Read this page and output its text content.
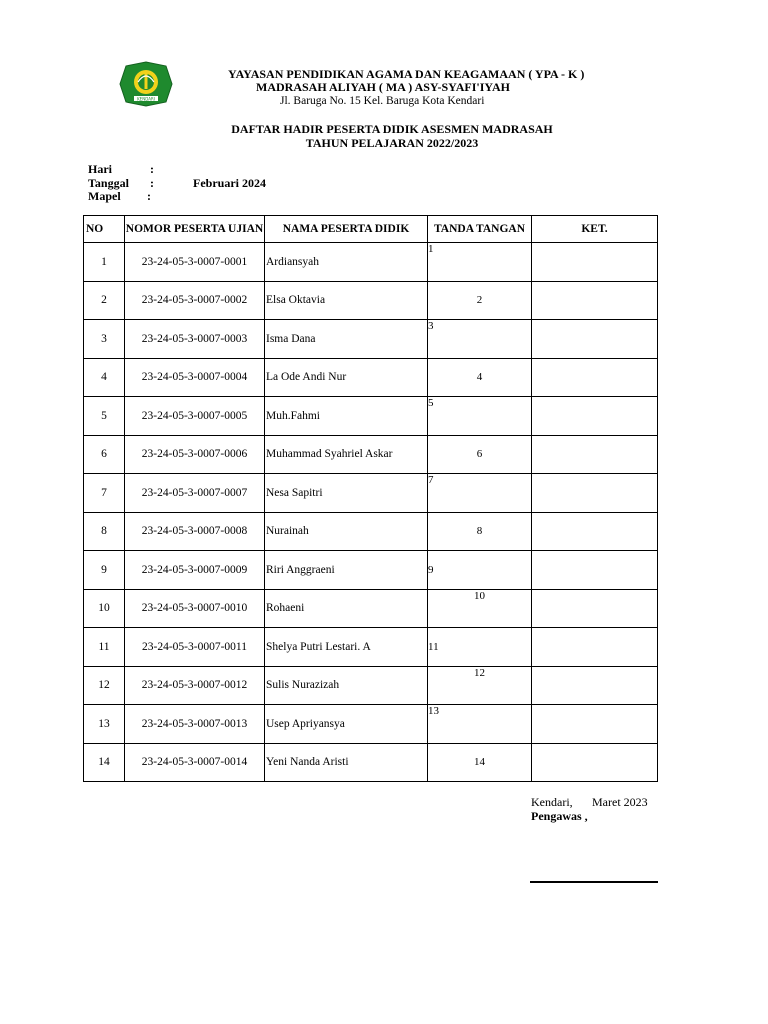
KENDARI
YAYASAN PENDIDIKAN AGAMA DAN KEAGAMAAN ( YPA - K )
MADRASAH ALIYAH ( MA ) ASY-SYAFI'IYAH
Jl. Baruga No. 15 Kel. Baruga Kota Kendari
DAFTAR HADIR PESERTA DIDIK ASESMEN MADRASAH
TAHUN PELAJARAN 2022/2023
Hari	:
Tanggal :	Februari 2024
Mapel :
NO	NOMOR PESERTA UJIAN	NAMA PESERTA DIDIK	TANDA TANGAN	KET.
1	23-24-05-3-0007-0001	Ardiansyah	1	

2	23-24-05-3-0007-0002	Elsa Oktavia	2	

3	23-24-05-3-0007-0003	Isma Dana	3	

4	23-24-05-3-0007-0004	La Ode Andi Nur	4	

5	23-24-05-3-0007-0005	Muh.Fahmi	5	

6	23-24-05-3-0007-0006	Muhammad Syahriel Askar	6	

7	23-24-05-3-0007-0007	Nesa Sapitri	7	

8	23-24-05-3-0007-0008	Nurainah	8	

9	23-24-05-3-0007-0009	Riri Anggraeni	9	

10	23-24-05-3-0007-0010	Rohaeni	10	

11	23-24-05-3-0007-0011	Shelya Putri Lestari. A	11	

12	23-24-05-3-0007-0012	Sulis Nurazizah	12	

13	23-24-05-3-0007-0013	Usep Apriyansya	13	

14	23-24-05-3-0007-0014	Yeni Nanda Aristi	14	

Kendari, Maret 2023
Pengawas ,
